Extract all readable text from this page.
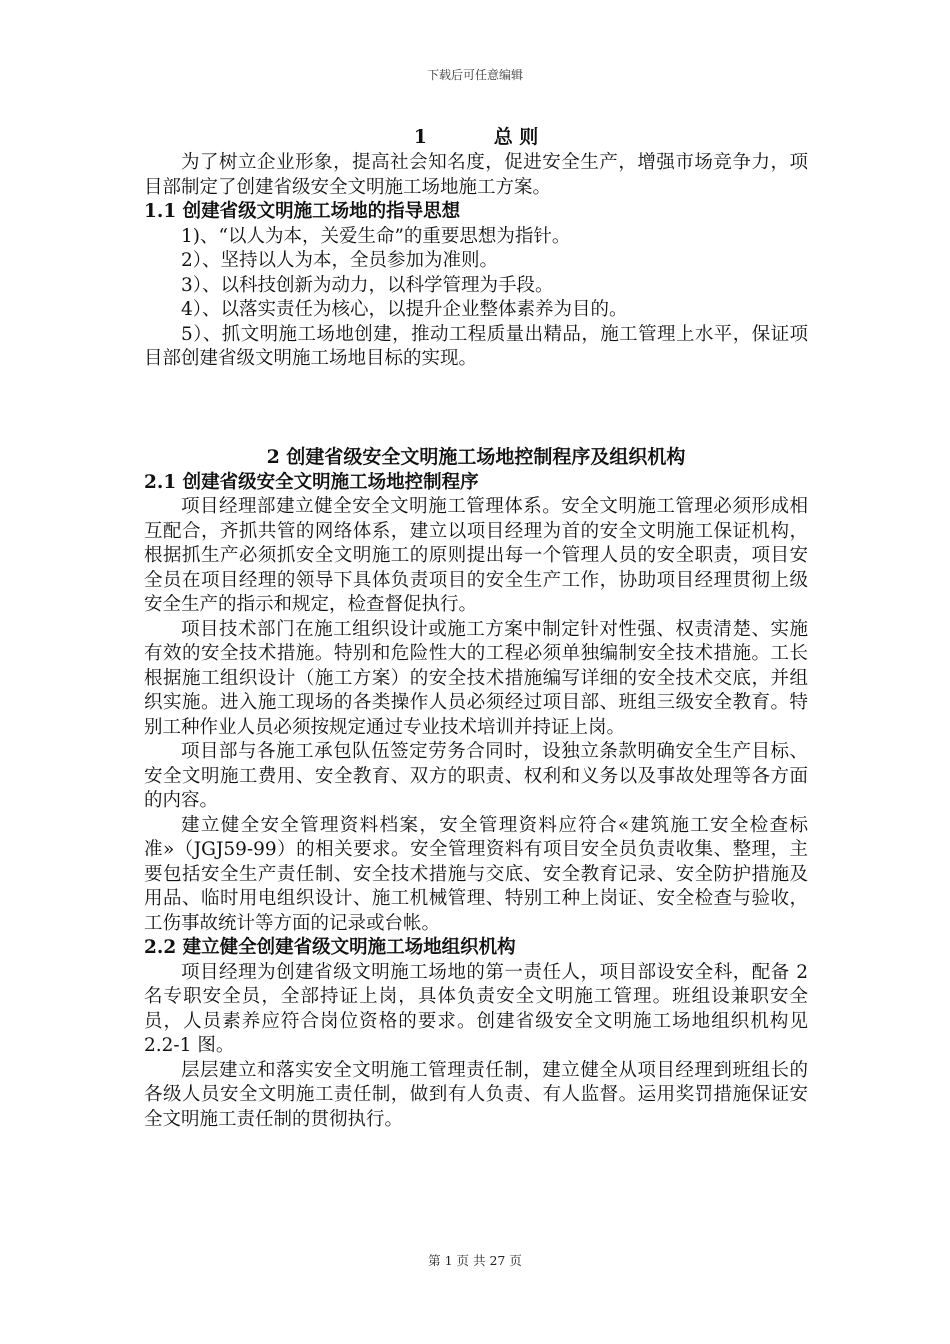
下载后可任意编辑

1	总 则

为了树立企业形象，提高社会知名度，促进安全生产，增强市场竞争力，项目部制定了创建省级安全文明施工场地施工方案。

1.1 创建省级文明施工场地的指导思想

1)、“以人为本，关爱生命”的重要思想为指针。

2）、坚持以人为本，全员参加为准则。

3）、以科技创新为动力，以科学管理为手段。

4）、以落实责任为核心，以提升企业整体素养为目的。

5）、抓文明施工场地创建，推动工程质量出精品，施工管理上水平，保证项目部创建省级文明施工场地目标的实现。

2 创建省级安全文明施工场地控制程序及组织机构

2.1 创建省级安全文明施工场地控制程序

项目经理部建立健全安全文明施工管理体系。安全文明施工管理必须形成相互配合，齐抓共管的网络体系，建立以项目经理为首的安全文明施工保证机构，根据抓生产必须抓安全文明施工的原则提出每一个管理人员的安全职责，项目安全员在项目经理的领导下具体负责项目的安全生产工作，协助项目经理贯彻上级安全生产的指示和规定，检查督促执行。

项目技术部门在施工组织设计或施工方案中制定针对性强、权责清楚、实施有效的安全技术措施。特别和危险性大的工程必须单独编制安全技术措施。工长根据施工组织设计（施工方案）的安全技术措施编写详细的安全技术交底，并组织实施。进入施工现场的各类操作人员必须经过项目部、班组三级安全教育。特别工种作业人员必须按规定通过专业技术培训并持证上岗。

项目部与各施工承包队伍签定劳务合同时，设独立条款明确安全生产目标、安全文明施工费用、安全教育、双方的职责、权利和义务以及事故处理等各方面的内容。

建立健全安全管理资料档案，安全管理资料应符合«建筑施工安全检查标准»（JGJ59-99）的相关要求。安全管理资料有项目安全员负责收集、整理，主要包括安全生产责任制、安全技术措施与交底、安全教育记录、安全防护措施及用品、临时用电组织设计、施工机械管理、特别工种上岗证、安全检查与验收，工伤事故统计等方面的记录或台帐。

2.2 建立健全创建省级文明施工场地组织机构

项目经理为创建省级文明施工场地的第一责任人，项目部设安全科，配备 2 名专职安全员，全部持证上岗，具体负责安全文明施工管理。班组设兼职安全员，人员素养应符合岗位资格的要求。创建省级安全文明施工场地组织机构见 2.2-1 图。

层层建立和落实安全文明施工管理责任制，建立健全从项目经理到班组长的各级人员安全文明施工责任制，做到有人负责、有人监督。运用奖罚措施保证安全文明施工责任制的贯彻执行。

第 1 页 共 27 页
